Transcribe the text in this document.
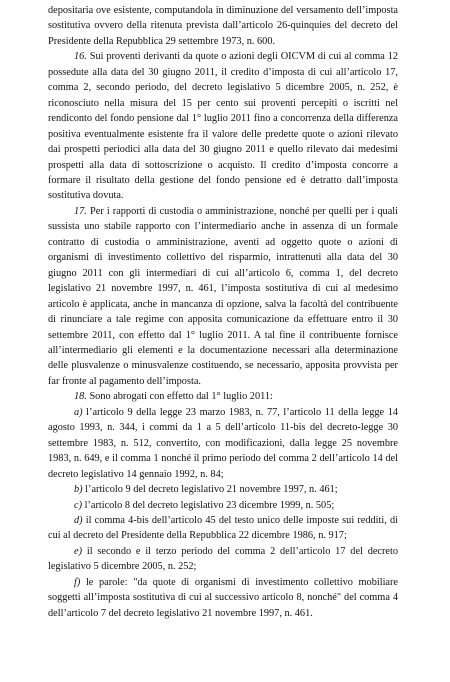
depositaria ove esistente, computandola in diminuzione del versamento dell’imposta sostitutiva ovvero della ritenuta prevista dall’articolo 26-quinquies del decreto del Presidente della Repubblica 29 settembre 1973, n. 600.

16. Sui proventi derivanti da quote o azioni degli OICVM di cui al comma 12 possedute alla data del 30 giugno 2011, il credito d’imposta di cui all’articolo 17, comma 2, secondo periodo, del decreto legislativo 5 dicembre 2005, n. 252, è riconosciuto nella misura del 15 per cento sui proventi percepiti o iscritti nel rendiconto del fondo pensione dal 1° luglio 2011 fino a concorrenza della differenza positiva eventualmente esistente fra il valore delle predette quote o azioni rilevato dai prospetti periodici alla data del 30 giugno 2011 e quello rilevato dai medesimi prospetti alla data di sottoscrizione o acquisto. Il credito d’imposta concorre a formare il risultato della gestione del fondo pensione ed è detratto dall’imposta sostitutiva dovuta.

17. Per i rapporti di custodia o amministrazione, nonché per quelli per i quali sussista uno stabile rapporto con l’intermediario anche in assenza di un formale contratto di custodia o amministrazione, aventi ad oggetto quote o azioni di organismi di investimento collettivo del risparmio, intrattenuti alla data del 30 giugno 2011 con gli intermediari di cui all’articolo 6, comma 1, del decreto legislativo 21 novembre 1997, n. 461, l’imposta sostitutiva di cui al medesimo articolo è applicata, anche in mancanza di opzione, salva la facoltà del contribuente di rinunciare a tale regime con apposita comunicazione da effettuare entro il 30 settembre 2011, con effetto dal 1° luglio 2011. A tal fine il contribuente fornisce all’intermediario gli elementi e la documentazione necessari alla determinazione delle plusvalenze o minusvalenze costituendo, se necessario, apposita provvista per far fronte al pagamento dell’imposta.

18. Sono abrogati con effetto dal 1° luglio 2011:

a) l’articolo 9 della legge 23 marzo 1983, n. 77, l’articolo 11 della legge 14 agosto 1993, n. 344, i commi da 1 a 5 dell’articolo 11-bis del decreto-legge 30 settembre 1983, n. 512, convertito, con modificazioni, dalla legge 25 novembre 1983, n. 649, e il comma 1 nonché il primo periodo del comma 2 dell’articolo 14 del decreto legislativo 14 gennaio 1992, n. 84;

b) l’articolo 9 del decreto legislativo 21 novembre 1997, n. 461;

c) l’articolo 8 del decreto legislativo 23 dicembre 1999, n. 505;

d) il comma 4-bis dell’articolo 45 del testo unico delle imposte sui redditi, di cui al decreto del Presidente della Repubblica 22 dicembre 1986, n. 917;

e) il secondo e il terzo periodo del comma 2 dell’articolo 17 del decreto legislativo 5 dicembre 2005, n. 252;

f) le parole: "da quote di organismi di investimento collettivo mobiliare soggetti all’imposta sostitutiva di cui al successivo articolo 8, nonché" del comma 4 dell’articolo 7 del decreto legislativo 21 novembre 1997, n. 461.
